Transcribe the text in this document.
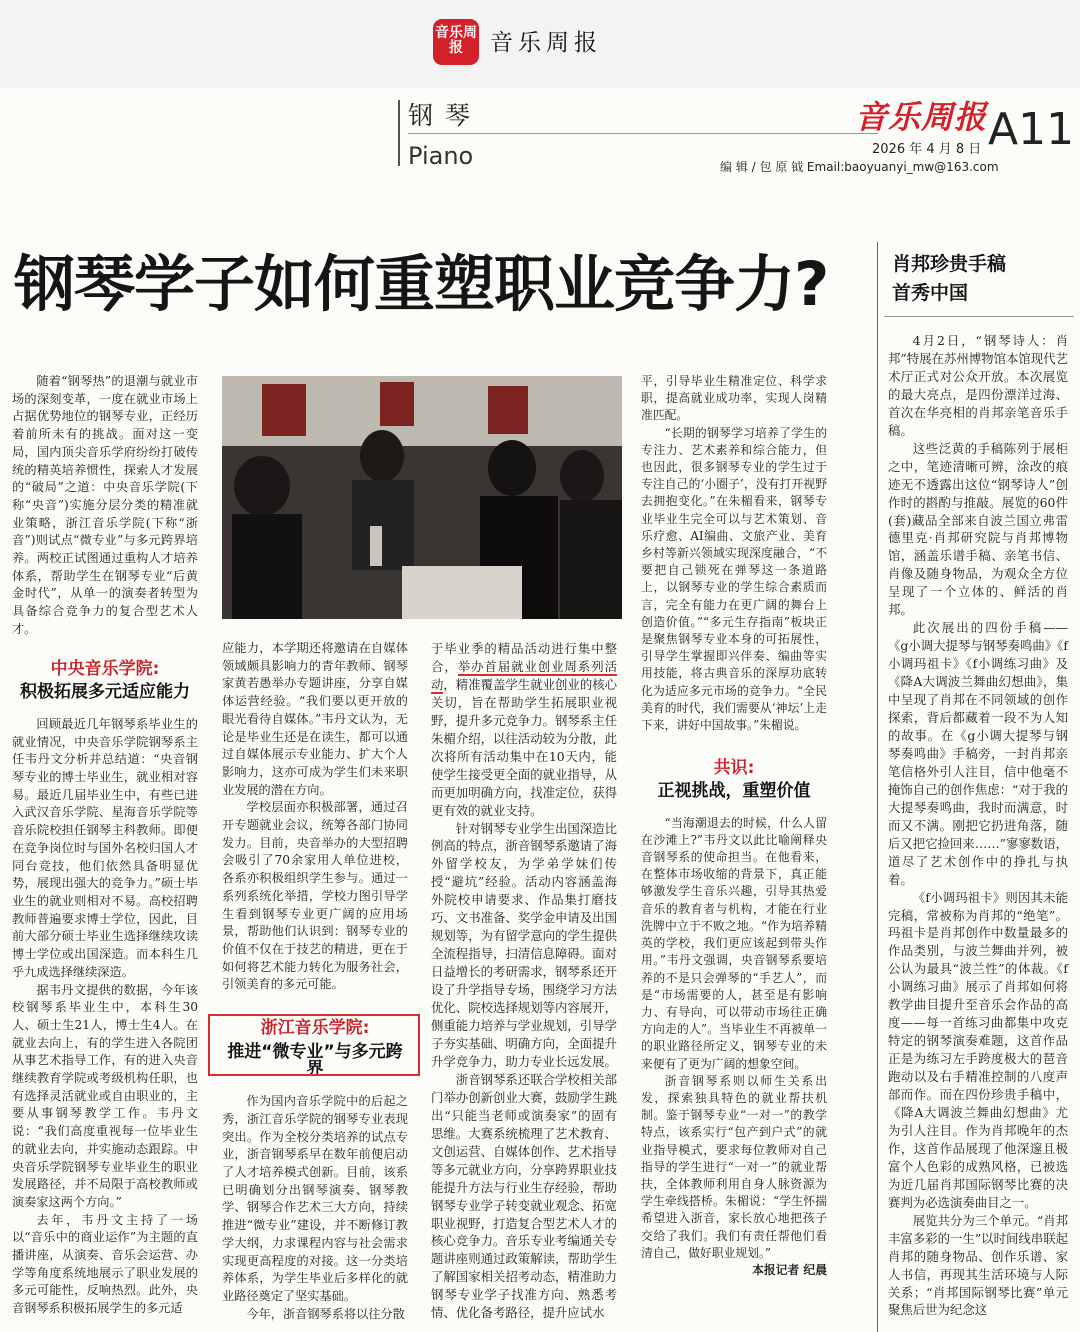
音乐周报	音乐周报
钢琴
Piano
音乐周报 A11
2026 年 4 月 8 日
编 辑 / 包 原 钺 Email:baoyuanyi_mw@163.com
钢琴学子如何重塑职业竞争力?

随着“钢琴热”的退潮与就业市场的深刻变革，一度在就业市场上占据优势地位的钢琴专业，正经历着前所未有的挑战。面对这一变局，国内顶尖音乐学府纷纷打破传统的精英培养惯性，探索人才发展的“破局”之道：中央音乐学院(下称“央音”)实施分层分类的精准就业策略，浙江音乐学院(下称“浙音”)则试点“微专业”与多元跨界培养。两校正试图通过重构人才培养体系，帮助学生在钢琴专业“后黄金时代”，从单一的演奏者转型为具备综合竞争力的复合型艺术人才。

中央音乐学院:
积极拓展多元适应能力

回顾最近几年钢琴系毕业生的就业情况，中央音乐学院钢琴系主任韦丹文分析并总结道：“央音钢琴专业的博士毕业生，就业相对容易。最近几届毕业生中，有些已进入武汉音乐学院、星海音乐学院等音乐院校担任钢琴主科教师。即便在竞争岗位时与国外名校归国人才同台竞技，他们依然具备明显优势，展现出强大的竞争力。”硕士毕业生的就业则相对不易。高校招聘教师普遍要求博士学位，因此，目前大部分硕士毕业生选择继续攻读博士学位或出国深造。而本科生几乎九成选择继续深造。

据韦丹文提供的数据，今年该校钢琴系毕业生中，本科生30人、硕士生21人，博士生4人。在就业去向上，有的学生进入各院团从事艺术指导工作，有的进入央音继续教育学院或考级机构任职，也有选择灵活就业或自由职业的，主要从事钢琴教学工作。韦丹文说：“我们高度重视每一位毕业生的就业去向，并实施动态跟踪。中央音乐学院钢琴专业毕业生的职业发展路径，并不局限于高校教师或演奏家这两个方向。”

去年，韦丹文主持了一场以“音乐中的商业运作”为主题的直播讲座，从演奏、音乐会运营、办学等角度系统地展示了职业发展的多元可能性，反响热烈。此外，央音钢琴系积极拓展学生的多元适

应能力，本学期还将邀请在自媒体领域颇具影响力的青年教师、钢琴家黄若愚举办专题讲座，分享自媒体运营经验。“我们要以更开放的眼光看待自媒体。”韦丹文认为，无论是毕业生还是在读生，都可以通过自媒体展示专业能力、扩大个人影响力，这亦可成为学生们未来职业发展的潜在方向。

学校层面亦积极部署，通过召开专题就业会议，统筹各部门协同发力。目前，央音举办的大型招聘会吸引了70余家用人单位进校，各系亦积极组织学生参与。通过一系列系统化举措，学校力图引导学生看到钢琴专业更广阔的应用场景，帮助他们认识到：钢琴专业的价值不仅在于技艺的精进，更在于如何将艺术能力转化为服务社会，引领美育的多元可能。

浙江音乐学院:
推进“微专业”与多元跨界

作为国内音乐学院中的后起之秀，浙江音乐学院的钢琴专业表现突出。作为全校分类培养的试点专业，浙音钢琴系早在数年前便启动了人才培养模式创新。目前，该系已明确划分出钢琴演奏、钢琴教学、钢琴合作艺术三大方向，持续推进“微专业”建设，并不断修订教学大纲，力求课程内容与社会需求实现更高程度的对接。这一分类培养体系，为学生毕业后多样化的就业路径奠定了坚实基础。

今年，浙音钢琴系将以往分散

于毕业季的精品活动进行集中整合，举办首届就业创业周系列活动，精准覆盖学生就业创业的核心关切，旨在帮助学生拓展职业视野，提升多元竞争力。钢琴系主任朱楣介绍，以往活动较为分散，此次将所有活动集中在10天内，能使学生接受更全面的就业指导，从而更加明确方向，找准定位，获得更有效的就业支持。

针对钢琴专业学生出国深造比例高的特点，浙音钢琴系邀请了海外留学校友，为学弟学妹们传授“避坑”经验。活动内容涵盖海外院校申请要求、作品集打磨技巧、文书准备、奖学金申请及出国规划等，为有留学意向的学生提供全流程指导，扫清信息障碍。面对日益增长的考研需求，钢琴系还开设了升学指导专场，围绕学习方法优化、院校选择规划等内容展开，侧重能力培养与学业规划，引导学子夯实基础、明确方向，全面提升升学竞争力，助力专业长远发展。

浙音钢琴系还联合学校相关部门举办创新创业大赛，鼓励学生跳出“只能当老师或演奏家”的固有思维。大赛系统梳理了艺术教育、文创运营、自媒体创作、艺术指导等多元就业方向，分享跨界职业技能提升方法与行业生存经验，帮助钢琴专业学子转变就业观念、拓宽职业视野，打造复合型艺术人才的核心竞争力。音乐专业考编通关专题讲座则通过政策解读，帮助学生了解国家相关招考动态，精准助力钢琴专业学子找准方向、熟悉考情、优化备考路径，提升应试水

平，引导毕业生精准定位、科学求职，提高就业成功率，实现人岗精准匹配。

“长期的钢琴学习培养了学生的专注力、艺术素养和综合能力，但也因此，很多钢琴专业的学生过于专注自己的‘小圈子’，没有打开视野去拥抱变化。”在朱楣看来，钢琴专业毕业生完全可以与艺术策划、音乐疗愈、AI编曲、文旅产业、美育乡村等新兴领域实现深度融合，“不要把自己锁死在弹琴这一条道路上，以钢琴专业的学生综合素质而言，完全有能力在更广阔的舞台上创造价值。”“多元生存指南”板块正是聚焦钢琴专业本身的可拓展性，引导学生掌握即兴伴奏、编曲等实用技能，将古典音乐的深厚功底转化为适应多元市场的竞争力。“全民美育的时代，我们需要从‘神坛’上走下来，讲好中国故事。”朱楣说。

共识:
正视挑战，重塑价值

“当海潮退去的时候，什么人留在沙滩上?”韦丹文以此比喻阐释央音钢琴系的使命担当。在他看来，在整体市场收缩的背景下，真正能够激发学生音乐兴趣，引导其热爱音乐的教育者与机构，才能在行业洗牌中立于不败之地。“作为培养精英的学校，我们更应该起到带头作用。”韦丹文强调，央音钢琴系要培养的不是只会弹琴的“手艺人”，而是“市场需要的人，甚至是有影响力、有导向，可以带动市场往正确方向走的人”。当毕业生不再被单一的职业路径所定义，钢琴专业的未来便有了更为广阔的想象空间。

浙音钢琴系则以师生关系出发，探索独具特色的就业帮扶机制。鉴于钢琴专业“一对一”的教学特点，该系实行“包产到户式”的就业指导模式，要求每位教师对自己指导的学生进行“一对一”的就业帮扶，全体教师利用自身人脉资源为学生牵线搭桥。朱楣说：“学生怀揣希望进入浙音，家长放心地把孩子交给了我们。我们有责任帮他们看清自己，做好职业规划。”

本报记者 纪晨
肖邦珍贵手稿
首秀中国

4月2日，“钢琴诗人：肖邦”特展在苏州博物馆本馆现代艺术厅正式对公众开放。本次展览的最大亮点，是四份漂洋过海、首次在华亮相的肖邦亲笔音乐手稿。

这些泛黄的手稿陈列于展柜之中，笔迹清晰可辨，涂改的痕迹无不透露出这位“钢琴诗人”创作时的斟酌与推敲。展览的60件(套)藏品全部来自波兰国立弗雷德里克·肖邦研究院与肖邦博物馆，涵盖乐谱手稿、亲笔书信、肖像及随身物品，为观众全方位呈现了一个立体的、鲜活的肖邦。

此次展出的四份手稿——《g小调大提琴与钢琴奏鸣曲》《f小调玛祖卡》《f小调练习曲》及《降A大调波兰舞曲幻想曲》，集中呈现了肖邦在不同领域的创作探索，背后都藏着一段不为人知的故事。在《g小调大提琴与钢琴奏鸣曲》手稿旁，一封肖邦亲笔信格外引人注目，信中他毫不掩饰自己的创作焦虑：“对于我的大提琴奏鸣曲，我时而满意，时而又不满。刚把它扔进角落，随后又把它捡回来……”寥寥数语，道尽了艺术创作中的挣扎与执着。

《f小调玛祖卡》则因其未能完稿，常被称为肖邦的“绝笔”。玛祖卡是肖邦创作中数量最多的作品类别，与波兰舞曲并列，被公认为最具“波兰性”的体裁。《f小调练习曲》展示了肖邦如何将教学曲目提升至音乐会作品的高度——每一首练习曲都集中攻克特定的钢琴演奏难题，这首作品正是为练习左手跨度极大的琶音跑动以及右手精准控制的八度声部而作。而在四份珍贵手稿中，《降A大调波兰舞曲幻想曲》尤为引人注目。作为肖邦晚年的杰作，这首作品展现了他深邃且极富个人色彩的成熟风格，已被选为近几届肖邦国际钢琴比赛的决赛判为必选演奏曲目之一。

展览共分为三个单元。“肖邦丰富多彩的一生”以时间线串联起肖邦的随身物品、创作乐谱、家人书信，再现其生活环境与人际关系；“肖邦国际钢琴比赛”单元聚焦后世为纪念这
